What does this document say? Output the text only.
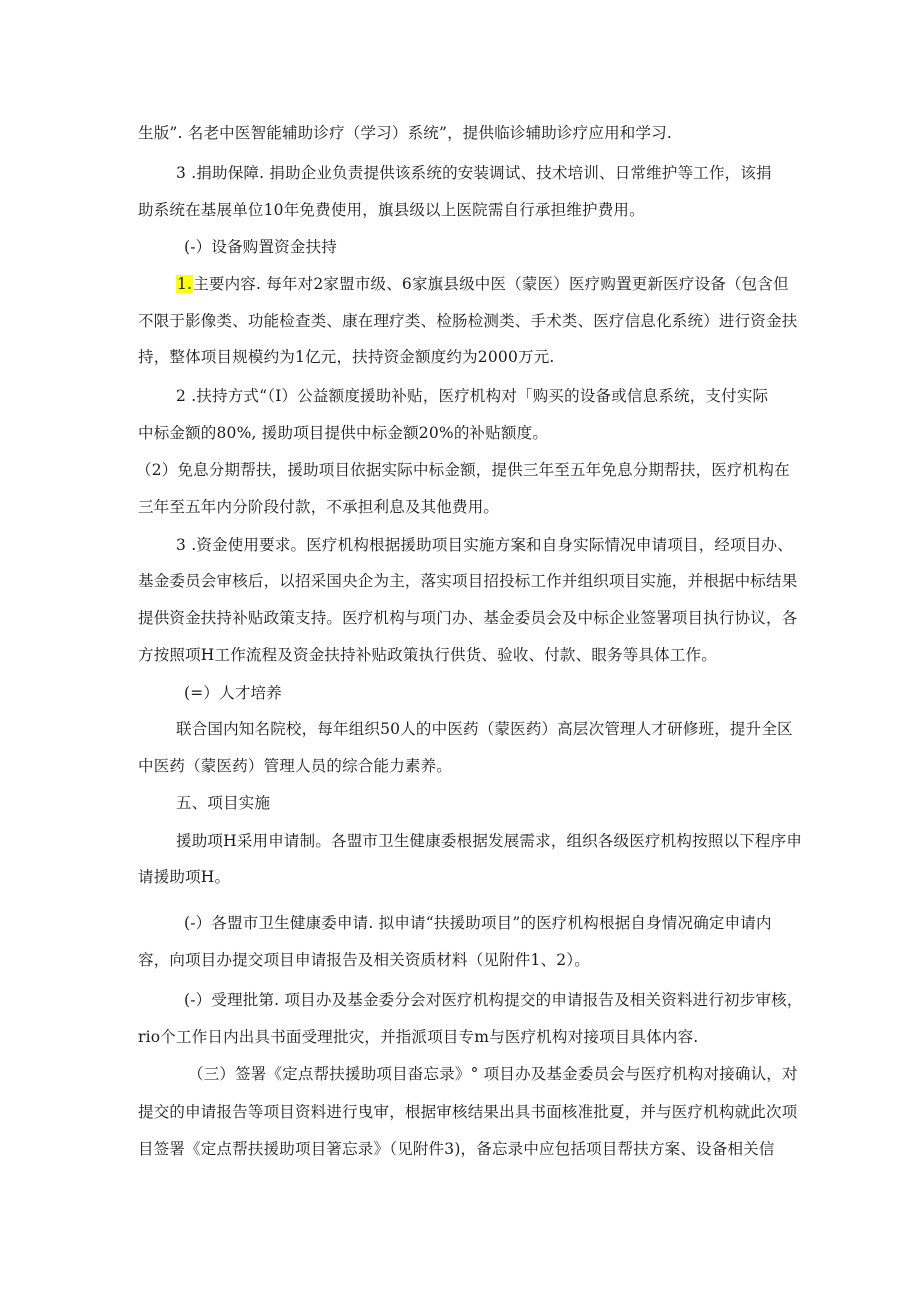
生版”. 名老中医智能辅助诊疗（学习）系统”，提供临诊辅助诊疗应用和学习.
3 .捐助保障. 捐助企业负责提供该系统的安装调试、技术培训、日常维护等工作，该捐
助系统在基展单位10年免费使用，旗县级以上医院需自行承担维护费用。
(-）设备购置资金扶持
1.主要内容. 每年对2家盟市级、6家旗县级中医（蒙医）医疗购置更新医疗设备（包含但
不限于影像类、功能检查类、康在理疗类、检肠检测类、手术类、医疗信息化系统）进行资金扶
持，整体项目规模约为1亿元，扶持资金额度约为2000万元.
2 .扶持方式“（I）公益额度援助补贴，医疗机构对「购买的设备或信息系统，支付实际
中标金额的80%, 援助项目提供中标金额20%的补贴额度。
（2）免息分期帮扶，援助项目依据实际中标金额，提供三年至五年免息分期帮扶，医疗机构在
三年至五年内分阶段付款，不承担利息及其他费用。
3 .资金使用要求。医疗机构根据援助项目实施方案和自身实际情况申请项目，经项目办、
基金委员会审核后，以招采国央企为主，落实项目招投标工作并组织项目实施，并根据中标结果
提供资金扶持补贴政策支持。医疗机构与项门办、基金委员会及中标企业签署项目执行协议，各
方按照项H工作流程及资金扶持补贴政策执行供货、验收、付款、眼务等具体工作。
(=）人才培养
联合国内知名院校，每年组织50人的中医药（蒙医药）高层次管理人才研修班，提升全区
中医药（蒙医药）管理人员的综合能力素养。
五、项目实施
援助项H采用申请制。各盟市卫生健康委根据发展需求，组织各级医疗机构按照以下程序申
请援助项H。
(-）各盟市卫生健康委申请. 拟申请“扶援助项目”的医疗机构根据自身情况确定申请内
容，向项目办提交项目申请报告及相关资质材料（见附件1、2）。
(-）受理批第. 项目办及基金委分会对医疗机构提交的申请报告及相关资料进行初步审核，
rio个工作日内出具书面受理批灾，并指派项目专m与医疗机构对接项目具体内容.
（三）签署《定点帮扶援助项目畓忘录》° 项目办及基金委员会与医疗机构对接确认，对
提交的申请报告等项目资料进行曳审，根据审核结果出具书面核准批夏，并与医疗机构就此次项
目签署《定点帮扶援助项目箸忘录》（见附件3)，备忘录中应包括项目帮扶方案、设备相关信
